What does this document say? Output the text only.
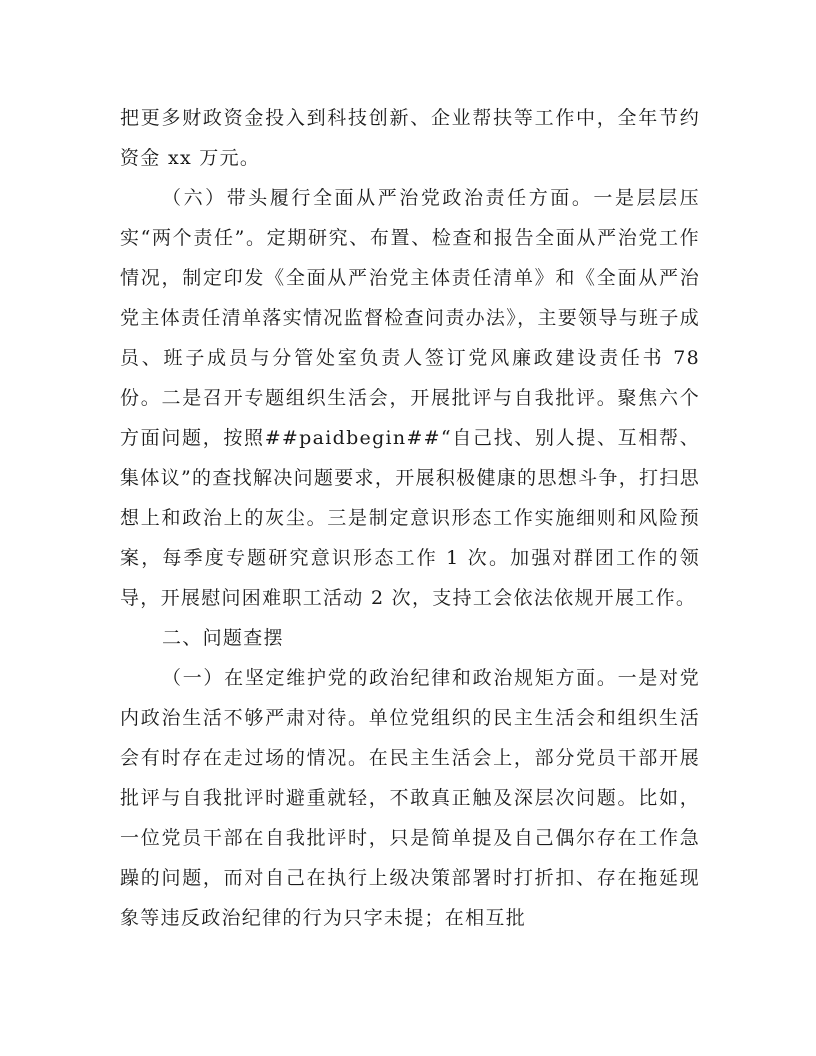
把更多财政资金投入到科技创新、企业帮扶等工作中，全年节约资金 xx 万元。

（六）带头履行全面从严治党政治责任方面。一是层层压实“两个责任”。定期研究、布置、检查和报告全面从严治党工作情况，制定印发《全面从严治党主体责任清单》和《全面从严治党主体责任清单落实情况监督检查问责办法》，主要领导与班子成员、班子成员与分管处室负责人签订党风廉政建设责任书 78 份。二是召开专题组织生活会，开展批评与自我批评。聚焦六个方面问题，按照##paidbegin##“自己找、别人提、互相帮、集体议”的查找解决问题要求，开展积极健康的思想斗争，打扫思想上和政治上的灰尘。三是制定意识形态工作实施细则和风险预案，每季度专题研究意识形态工作 1 次。加强对群团工作的领导，开展慰问困难职工活动 2 次，支持工会依法依规开展工作。

二、问题查摆

（一）在坚定维护党的政治纪律和政治规矩方面。一是对党内政治生活不够严肃对待。单位党组织的民主生活会和组织生活会有时存在走过场的情况。在民主生活会上，部分党员干部开展批评与自我批评时避重就轻，不敢真正触及深层次问题。比如，一位党员干部在自我批评时，只是简单提及自己偶尔存在工作急躁的问题，而对自己在执行上级决策部署时打折扣、存在拖延现象等违反政治纪律的行为只字未提；在相互批
